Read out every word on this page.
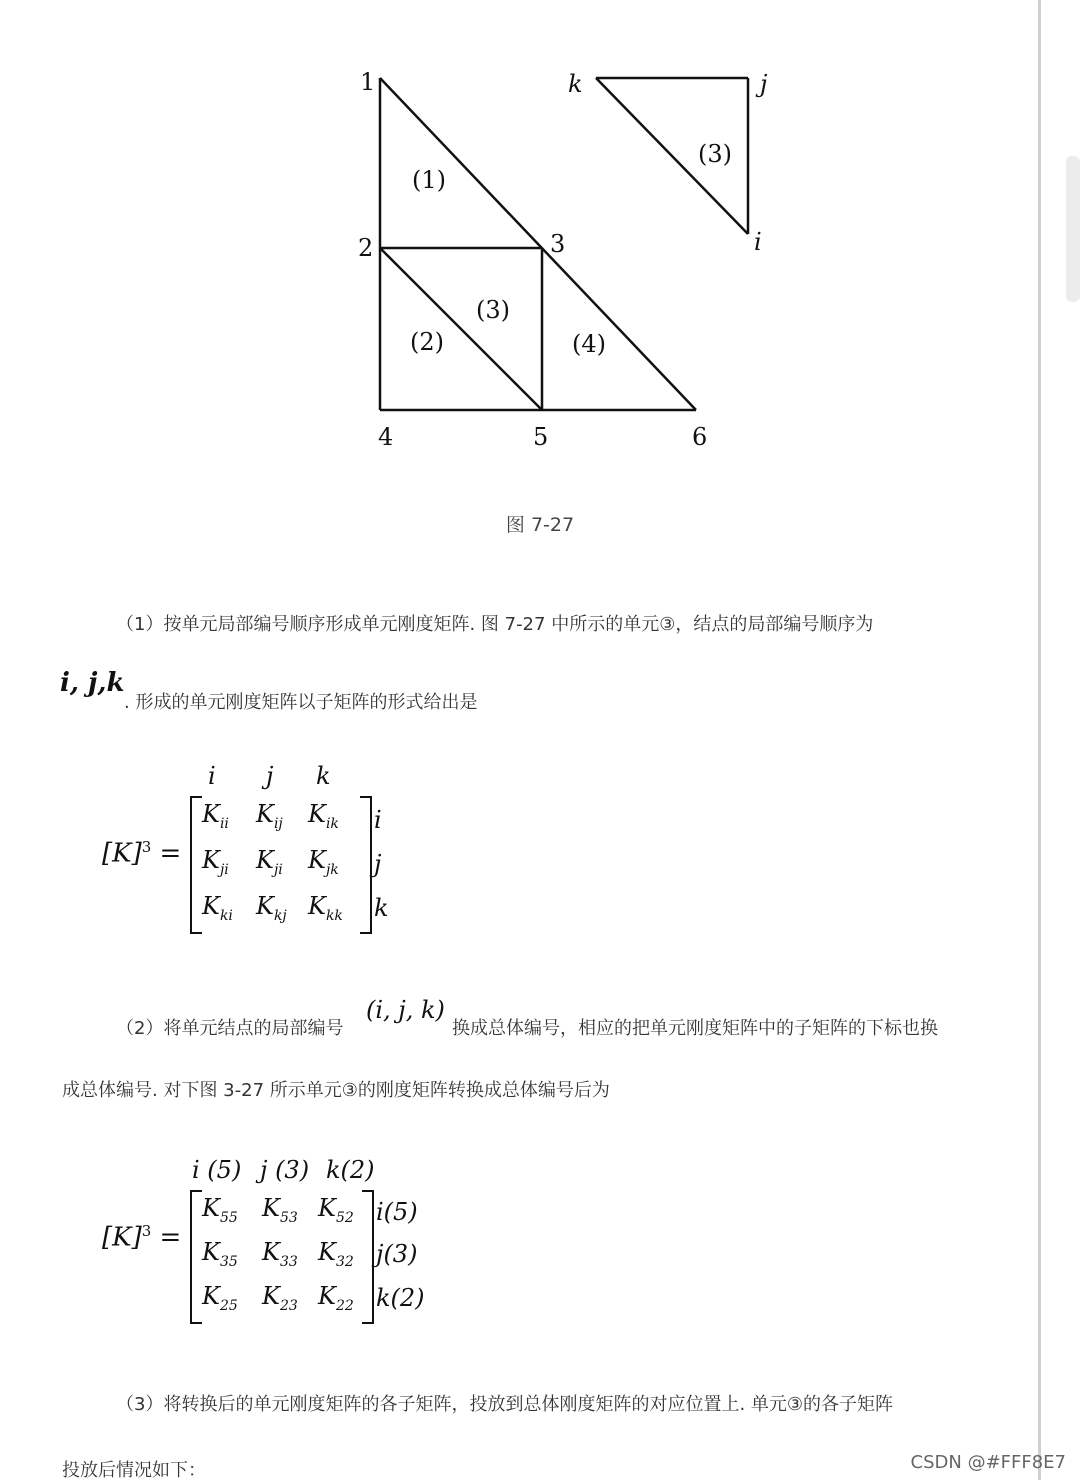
1
2	3
4	5	6
(1)
(2)
(3)
(4)
(3)
k	j
i
图 7-27
（1）按单元局部编号顺序形成单元刚度矩阵. 图 7-27 中所示的单元③，结点的局部编号顺序为
i, j,k
. 形成的单元刚度矩阵以子矩阵的形式给出是
$[K]^3$ =
i j k
$K_{ii}$ $K_{ij}$ $K_{ik}$
$K_{ji}$ $K_{ji}$ $K_{jk}$
$K_{ki}$ $K_{kj}$ $K_{kk}$
i
j
k
（2）将单元结点的局部编号
(i, j, k)
换成总体编号，相应的把单元刚度矩阵中的子矩阵的下标也换
成总体编号. 对下图 3-27 所示单元③的刚度矩阵转换成总体编号后为
$[K]^3$ =
i (5) j (3) k(2)
$K_{55}$ $K_{53}$ $K_{52}$
$K_{35}$ $K_{33}$ $K_{32}$
$K_{25}$ $K_{23}$ $K_{22}$
i(5)
j(3)
k(2)
（3）将转换后的单元刚度矩阵的各子矩阵，投放到总体刚度矩阵的对应位置上. 单元③的各子矩阵
投放后情况如下：	CSDN @#FFF8E7
